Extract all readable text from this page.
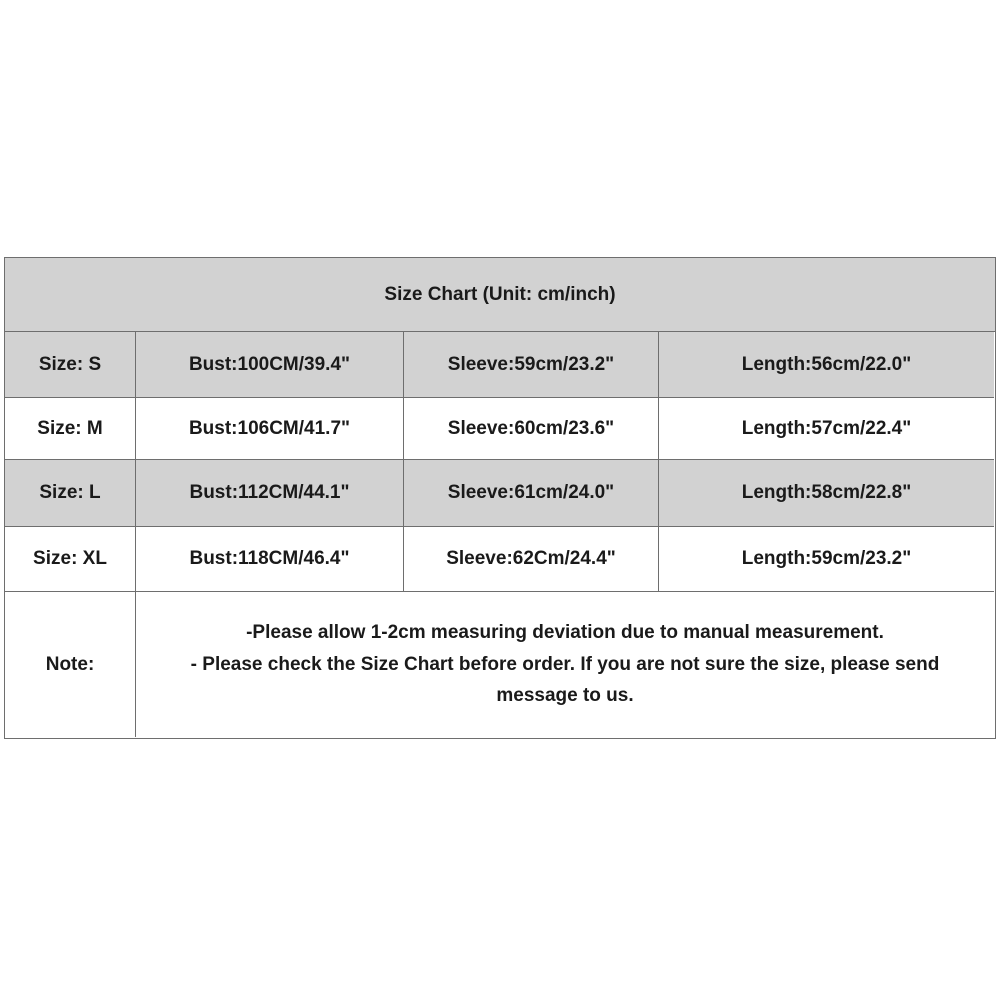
Size Chart (Unit: cm/inch)
Size: S	Bust:100CM/39.4"	Sleeve:59cm/23.2"	Length:56cm/22.0"
Size: M	Bust:106CM/41.7"	Sleeve:60cm/23.6"	Length:57cm/22.4"
Size: L	Bust:112CM/44.1"	Sleeve:61cm/24.0"	Length:58cm/22.8"
Size: XL	Bust:118CM/46.4"	Sleeve:62Cm/24.4"	Length:59cm/23.2"
Note:
-Please allow 1-2cm measuring deviation due to manual measurement.
- Please check the Size Chart before order. If you are not sure the size, please send message to us.
